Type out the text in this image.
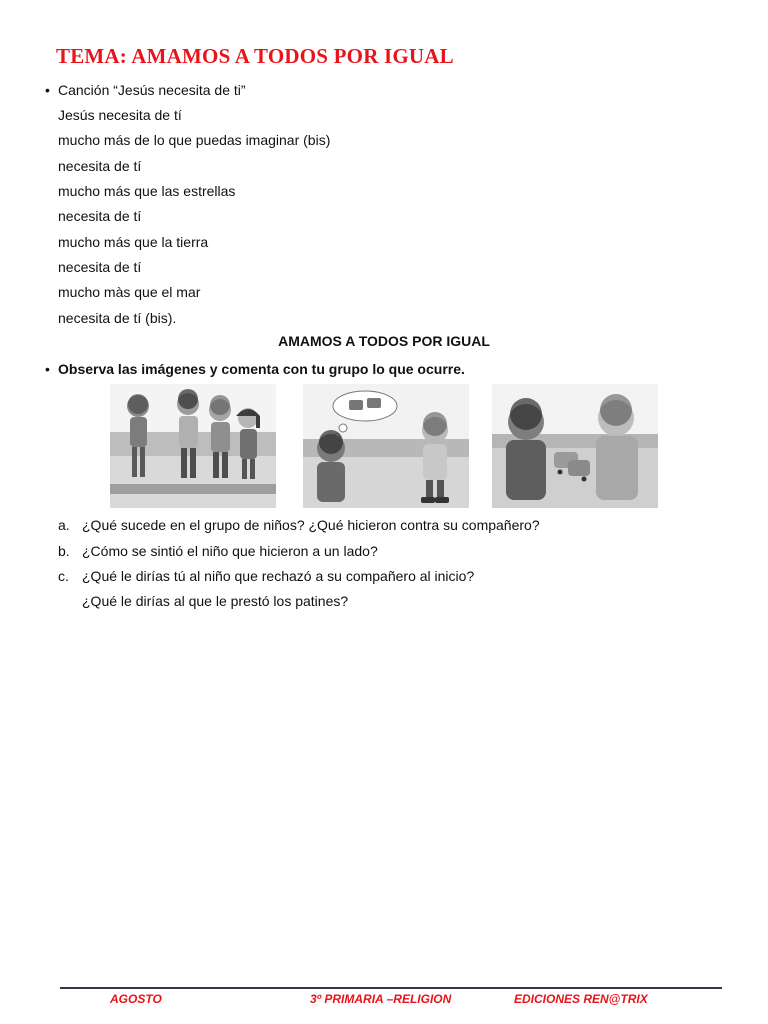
TEMA: AMAMOS A TODOS POR IGUAL
• Canción “Jesús necesita de ti”
Jesús necesita de tí
mucho más de lo que puedas imaginar (bis)
necesita de tí
mucho más que las estrellas
necesita de tí
mucho más que la tierra
necesita de tí
mucho màs que el mar
necesita de tí (bis).
AMAMOS A TODOS POR IGUAL
• Observa las imágenes y comenta con tu grupo lo que ocurre.
a. ¿Qué sucede en el grupo de niños? ¿Qué hicieron contra su compañero?
b. ¿Cómo se sintió el niño que hicieron a un lado?
c. ¿Qué le dirías tú al niño que rechazó a su compañero al inicio?
¿Qué le dirías al que le prestó los patines?
AGOSTO	3º PRIMARIA –RELIGION	EDICIONES REN@TRIX
